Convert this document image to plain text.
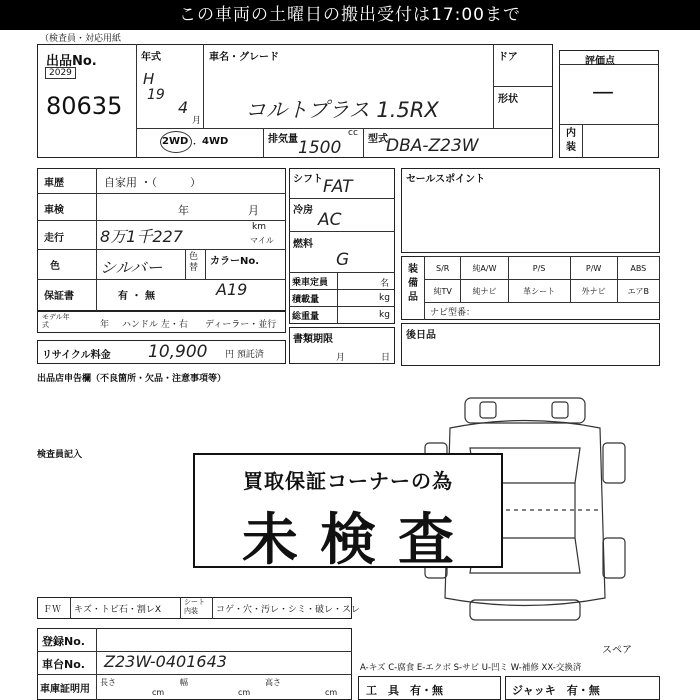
この車両の土曜日の搬出受付は17:00まで
（検査員・対応用紙
出品No.
2029
80635
年式
H
19
4
月
車名・グレード
コルトプラス 1.5RX
ドア
形状
2WD ・ 4WD	排気量
cc
1500	型式
DBA-Z23W
評価点
—
内装
車歴	自家用 ・（　　　）
車検	年	月
走行 8万1千227	km
マイル
色	シルバー
色替
カラーNo.
A19
保証書	有 ・ 無
モデル年式	年 ハンドル 左・右 ディーラー・並行
リサイクル料金 10,900 円 預託済
シフト FAT
冷房 AC
燃料
G
乗車定員	名
積載量	kg
総重量	kg
書類期限
月	日
セールスポイント
装備品
S/R	純A/W	P/S	P/W	ABS
純TV	純ナビ	革シート	外ナビ	エアB
ナビ型番：
後日品
出品店申告欄（不良箇所・欠品・注意事項等）
検査員記入
買取保証コーナーの為
未検査
ＦＷ キズ・トビ石・割レX
シート内装	コゲ・穴・汚レ・シミ・破レ・スレ
登録No.
車台No. Z23W-0401643
車庫証明用
長さ
cm
幅
cm
高さ
cm
スペア
A-キズ C-腐食 E-エクボ S-サビ U-凹ミ W-補修 XX-交換済
工　具　有・無	ジャッキ　有・無
